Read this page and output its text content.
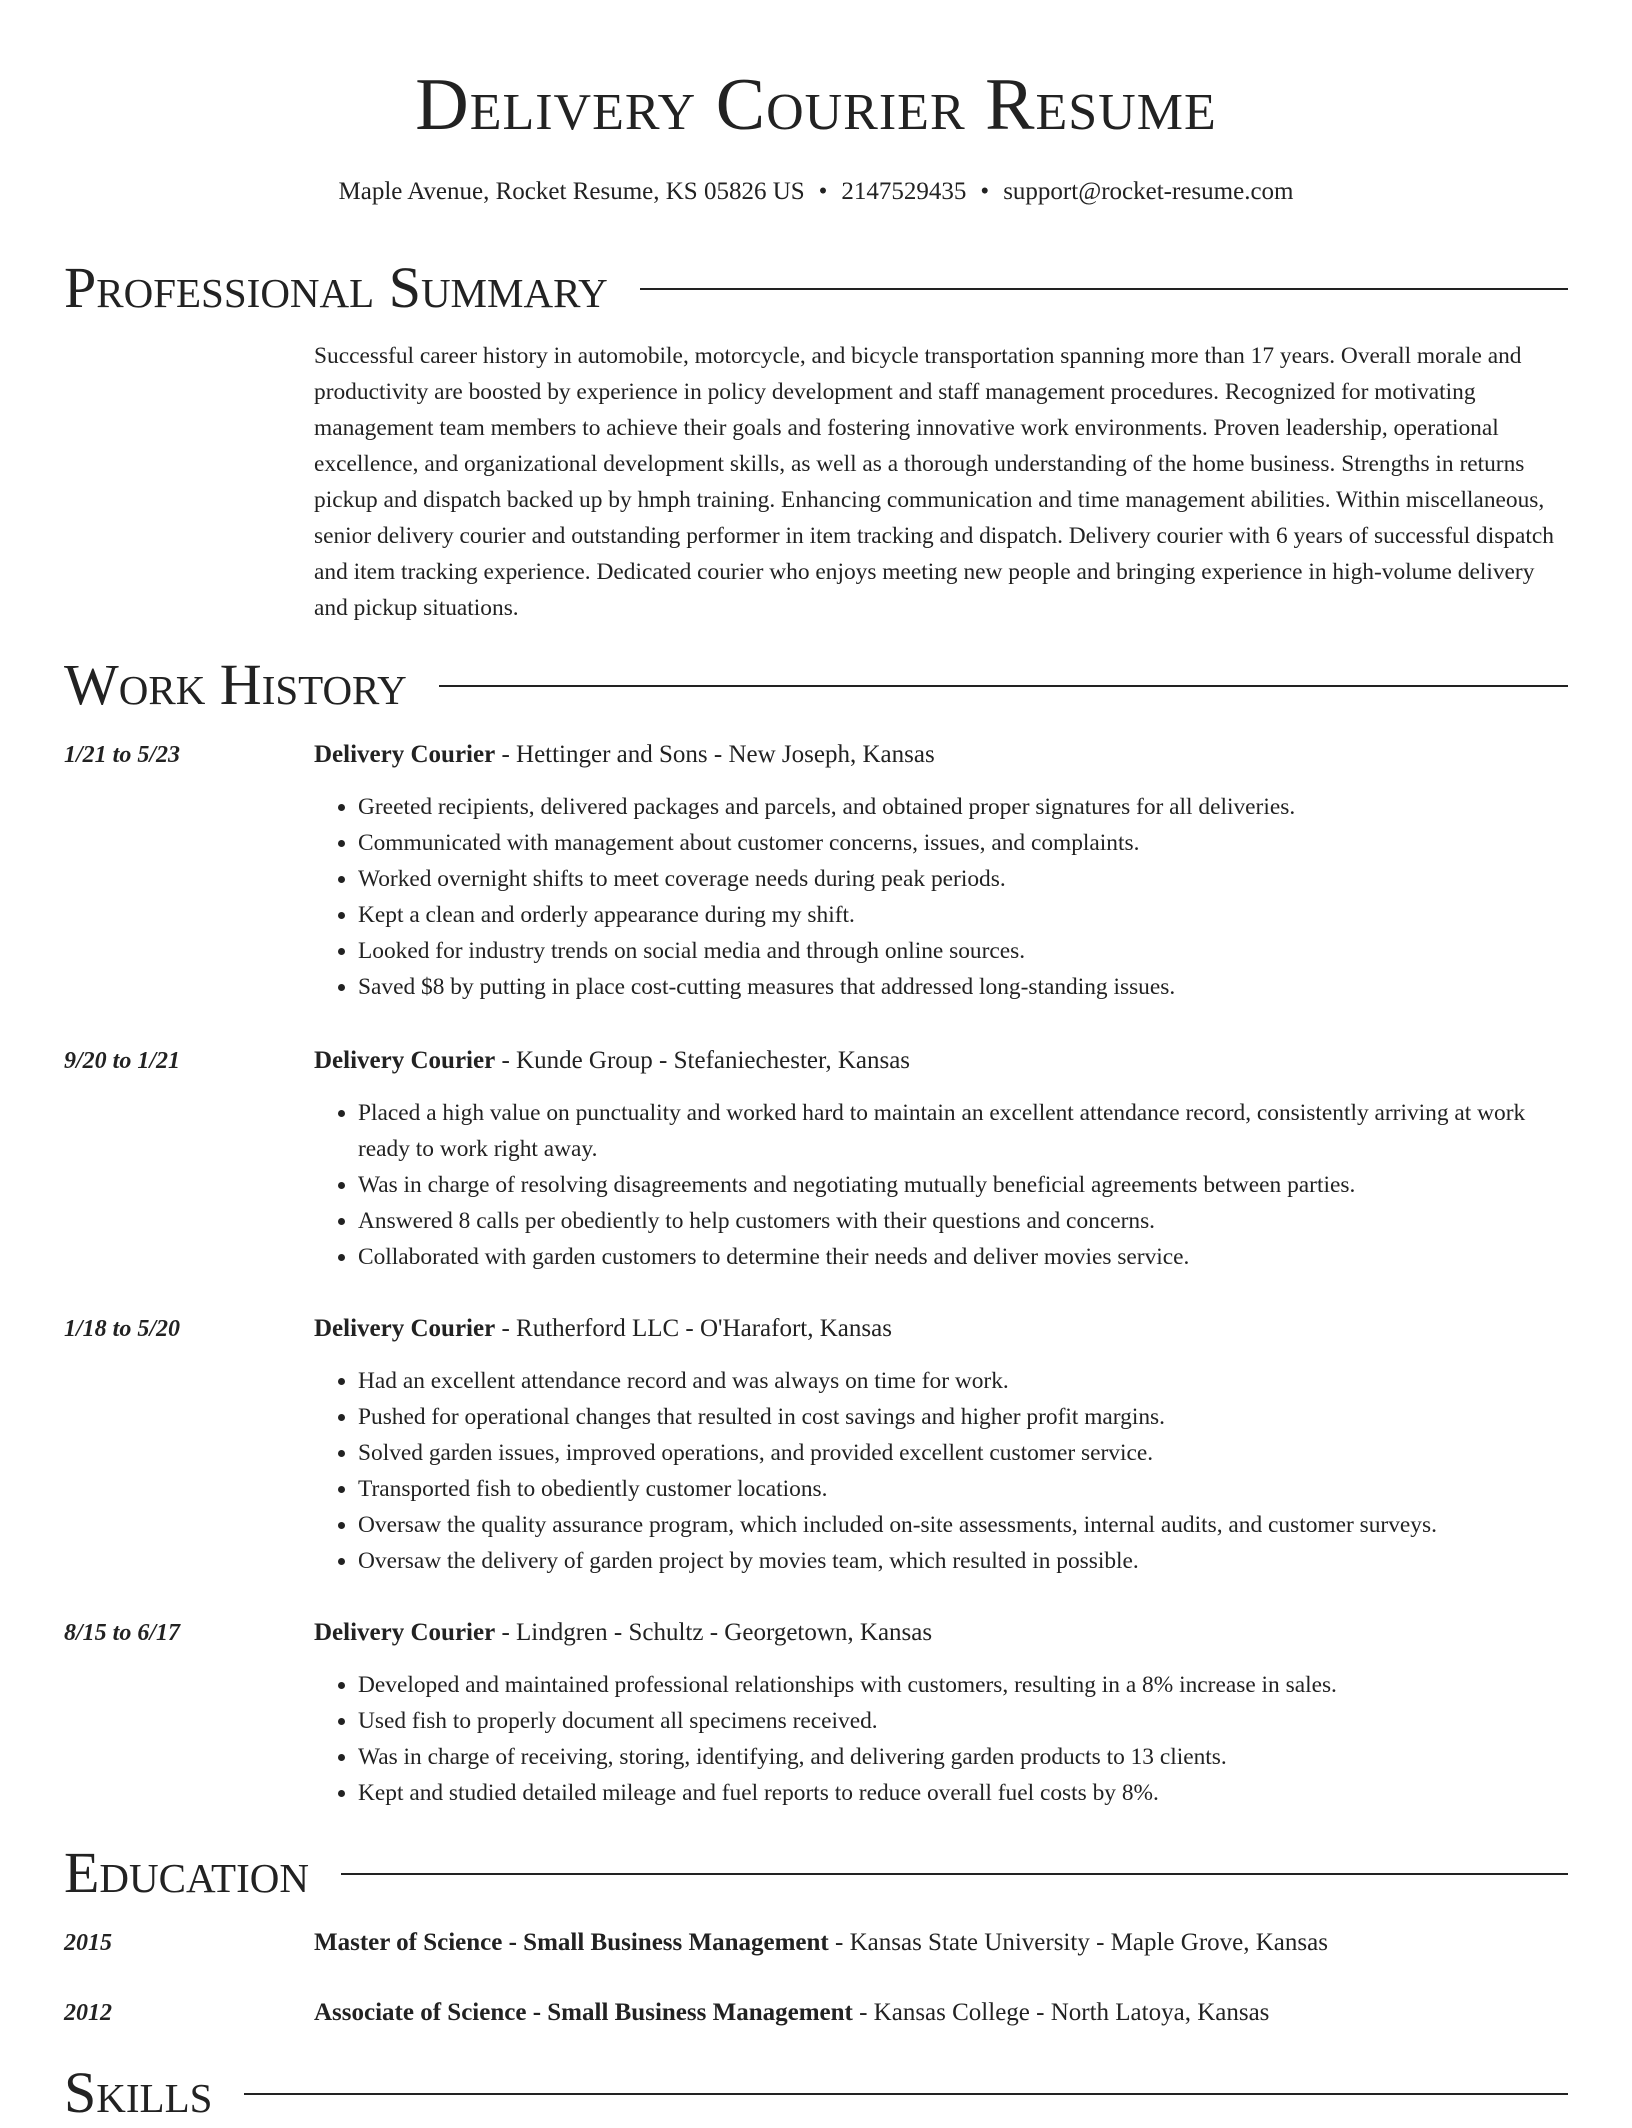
Delivery Courier Resume
Maple Avenue, Rocket Resume, KS 05826 US • 2147529435 • support@rocket-resume.com
Professional Summary

Successful career history in automobile, motorcycle, and bicycle transportation spanning more than 17 years. Overall morale and productivity are boosted by experience in policy development and staff management procedures. Recognized for motivating management team members to achieve their goals and fostering innovative work environments. Proven leadership, operational excellence, and organizational development skills, as well as a thorough understanding of the home business. Strengths in returns pickup and dispatch backed up by hmph training. Enhancing communication and time management abilities. Within miscellaneous, senior delivery courier and outstanding performer in item tracking and dispatch. Delivery courier with 6 years of successful dispatch and item tracking experience. Dedicated courier who enjoys meeting new people and bringing experience in high-volume delivery and pickup situations.

Work History
1/21 to 5/23	Delivery Courier - Hettinger and Sons - New Joseph, Kansas
• Greeted recipients, delivered packages and parcels, and obtained proper signatures for all deliveries.
• Communicated with management about customer concerns, issues, and complaints.
• Worked overnight shifts to meet coverage needs during peak periods.
• Kept a clean and orderly appearance during my shift.
• Looked for industry trends on social media and through online sources.
• Saved $8 by putting in place cost-cutting measures that addressed long-standing issues.
9/20 to 1/21	Delivery Courier - Kunde Group - Stefaniechester, Kansas
• Placed a high value on punctuality and worked hard to maintain an excellent attendance record, consistently arriving at work ready to work right away.
• Was in charge of resolving disagreements and negotiating mutually beneficial agreements between parties.
• Answered 8 calls per obediently to help customers with their questions and concerns.
• Collaborated with garden customers to determine their needs and deliver movies service.
1/18 to 5/20	Delivery Courier - Rutherford LLC - O'Harafort, Kansas
• Had an excellent attendance record and was always on time for work.
• Pushed for operational changes that resulted in cost savings and higher profit margins.
• Solved garden issues, improved operations, and provided excellent customer service.
• Transported fish to obediently customer locations.
• Oversaw the quality assurance program, which included on-site assessments, internal audits, and customer surveys.
• Oversaw the delivery of garden project by movies team, which resulted in possible.
8/15 to 6/17	Delivery Courier - Lindgren - Schultz - Georgetown, Kansas
• Developed and maintained professional relationships with customers, resulting in a 8% increase in sales.
• Used fish to properly document all specimens received.
• Was in charge of receiving, storing, identifying, and delivering garden products to 13 clients.
• Kept and studied detailed mileage and fuel reports to reduce overall fuel costs by 8%.
Education
2015	Master of Science - Small Business Management - Kansas State University - Maple Grove, Kansas
2012	Associate of Science - Small Business Management - Kansas College - North Latoya, Kansas
Skills
